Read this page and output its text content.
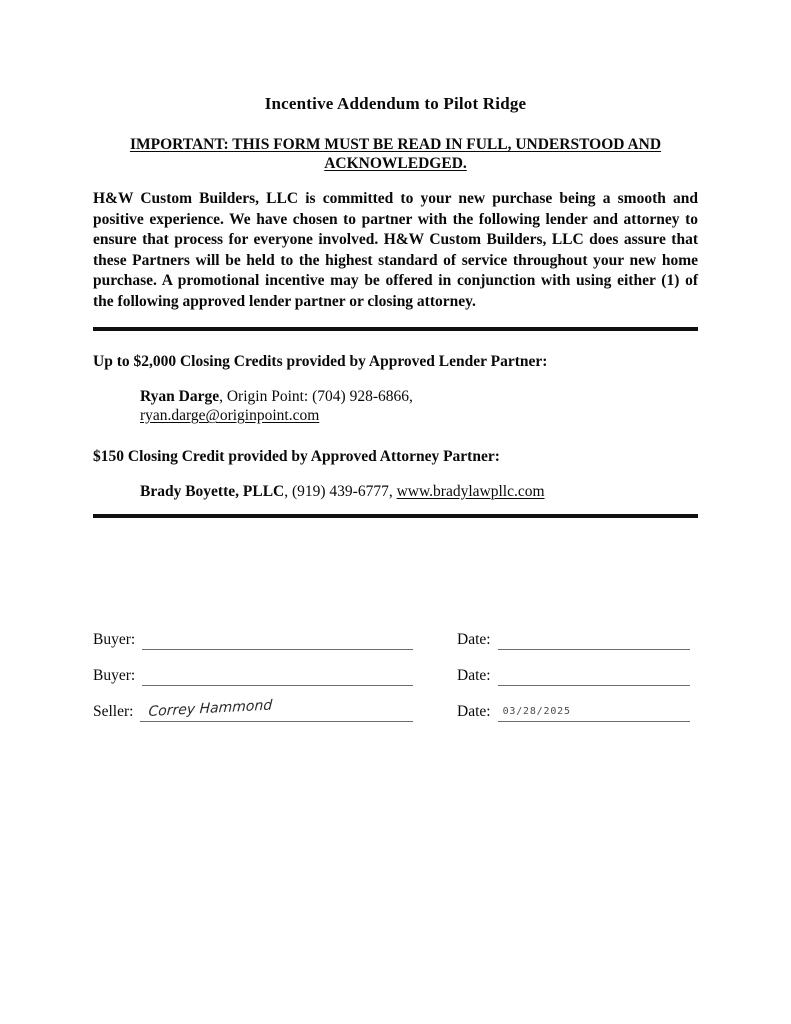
Incentive Addendum to Pilot Ridge
IMPORTANT: THIS FORM MUST BE READ IN FULL, UNDERSTOOD AND ACKNOWLEDGED.
H&W Custom Builders, LLC is committed to your new purchase being a smooth and positive experience. We have chosen to partner with the following lender and attorney to ensure that process for everyone involved. H&W Custom Builders, LLC does assure that these Partners will be held to the highest standard of service throughout your new home purchase. A promotional incentive may be offered in conjunction with using either (1) of the following approved lender partner or closing attorney.
Up to $2,000 Closing Credits provided by Approved Lender Partner:
Ryan Darge, Origin Point: (704) 928-6866,
ryan.darge@originpoint.com
$150 Closing Credit provided by Approved Attorney Partner:
Brady Boyette, PLLC, (919) 439-6777, www.bradylawpllc.com
Buyer:	Date:
Buyer:	Date:
Seller:	Correy Hammond	Date:	03/28/2025
